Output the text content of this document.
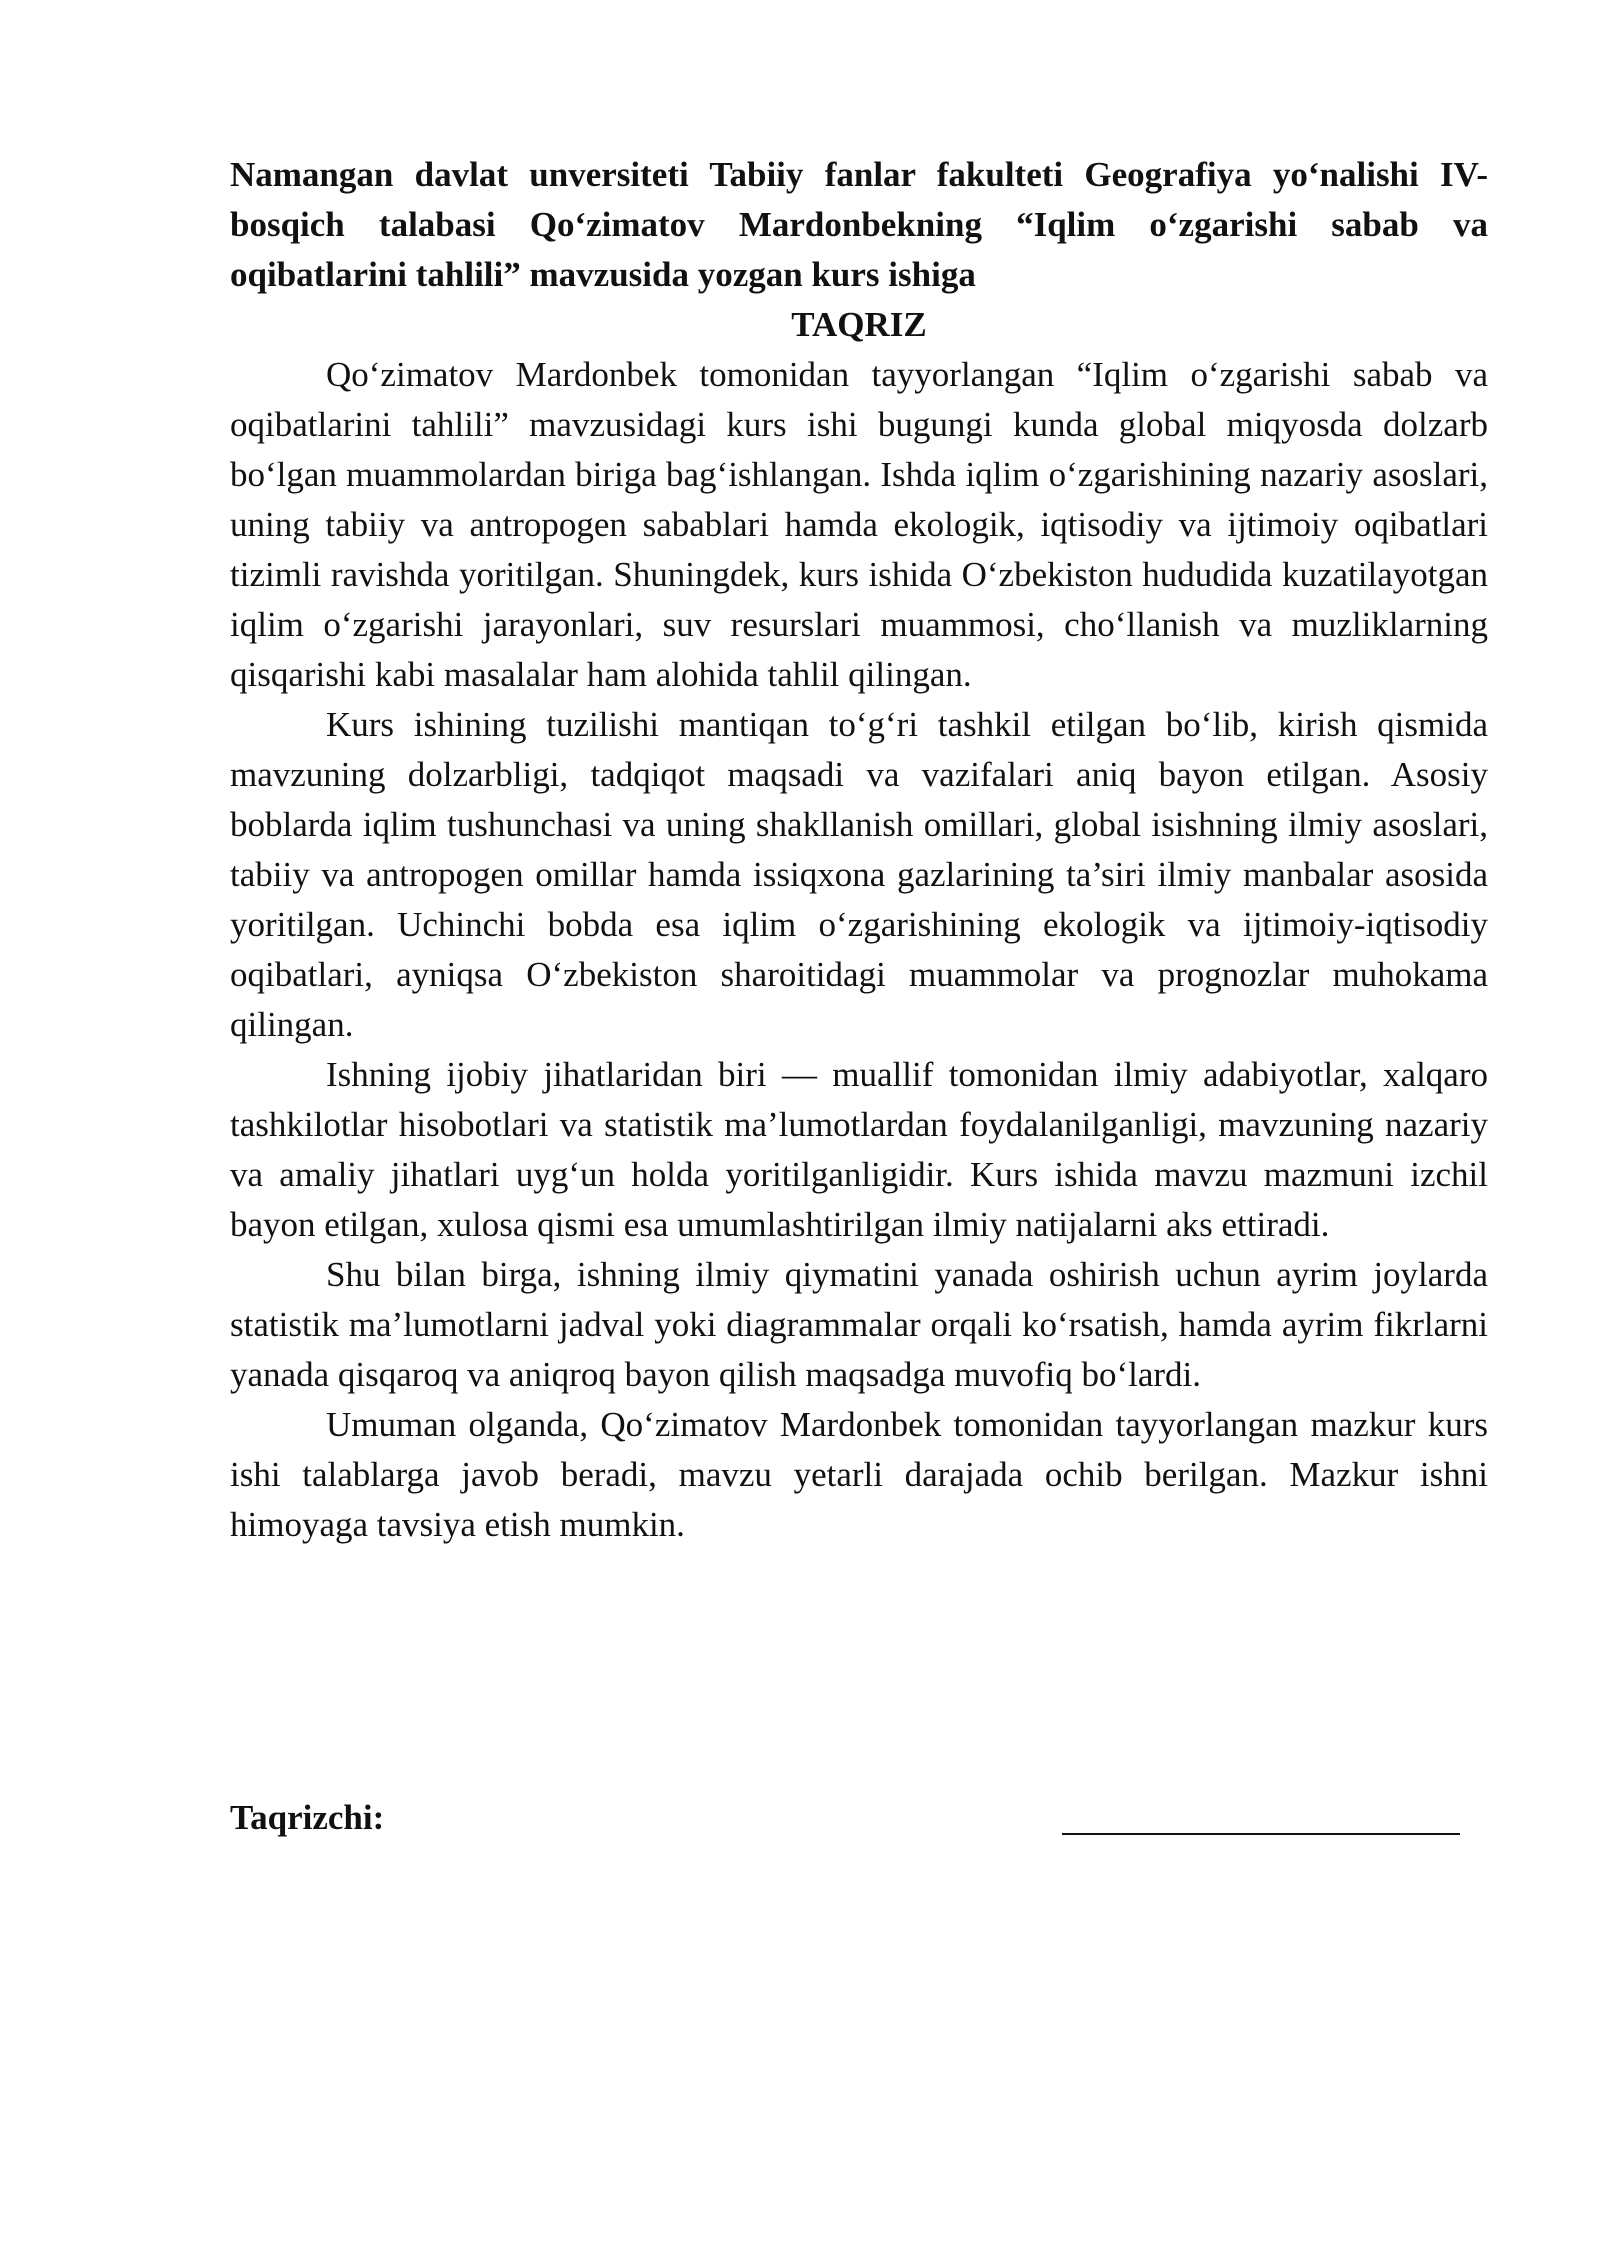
Namangan davlat unversiteti Tabiiy fanlar fakulteti Geografiya yo‘nalishi IV-bosqich talabasi Qo‘zimatov Mardonbekning “Iqlim o‘zgarishi sabab va oqibatlarini tahlili” mavzusida yozgan kurs ishiga

TAQRIZ

Qo‘zimatov Mardonbek tomonidan tayyorlangan “Iqlim o‘zgarishi sabab va oqibatlarini tahlili” mavzusidagi kurs ishi bugungi kunda global miqyosda dolzarb bo‘lgan muammolardan biriga bag‘ishlangan. Ishda iqlim o‘zgarishining nazariy asoslari, uning tabiiy va antropogen sabablari hamda ekologik, iqtisodiy va ijtimoiy oqibatlari tizimli ravishda yoritilgan. Shuningdek, kurs ishida O‘zbekiston hududida kuzatilayotgan iqlim o‘zgarishi jarayonlari, suv resurslari muammosi, cho‘llanish va muzliklarning qisqarishi kabi masalalar ham alohida tahlil qilingan.

Kurs ishining tuzilishi mantiqan to‘g‘ri tashkil etilgan bo‘lib, kirish qismida mavzuning dolzarbligi, tadqiqot maqsadi va vazifalari aniq bayon etilgan. Asosiy boblarda iqlim tushunchasi va uning shakllanish omillari, global isishning ilmiy asoslari, tabiiy va antropogen omillar hamda issiqxona gazlarining ta’siri ilmiy manbalar asosida yoritilgan. Uchinchi bobda esa iqlim o‘zgarishining ekologik va ijtimoiy-iqtisodiy oqibatlari, ayniqsa O‘zbekiston sharoitidagi muammolar va prognozlar muhokama qilingan.

Ishning ijobiy jihatlaridan biri — muallif tomonidan ilmiy adabiyotlar, xalqaro tashkilotlar hisobotlari va statistik ma’lumotlardan foydalanilganligi, mavzuning nazariy va amaliy jihatlari uyg‘un holda yoritilganligidir. Kurs ishida mavzu mazmuni izchil bayon etilgan, xulosa qismi esa umumlashtirilgan ilmiy natijalarni aks ettiradi.

Shu bilan birga, ishning ilmiy qiymatini yanada oshirish uchun ayrim joylarda statistik ma’lumotlarni jadval yoki diagrammalar orqali ko‘rsatish, hamda ayrim fikrlarni yanada qisqaroq va aniqroq bayon qilish maqsadga muvofiq bo‘lardi.

Umuman olganda, Qo‘zimatov Mardonbek tomonidan tayyorlangan mazkur kurs ishi talablarga javob beradi, mavzu yetarli darajada ochib berilgan. Mazkur ishni himoyaga tavsiya etish mumkin.

Taqrizchi:
